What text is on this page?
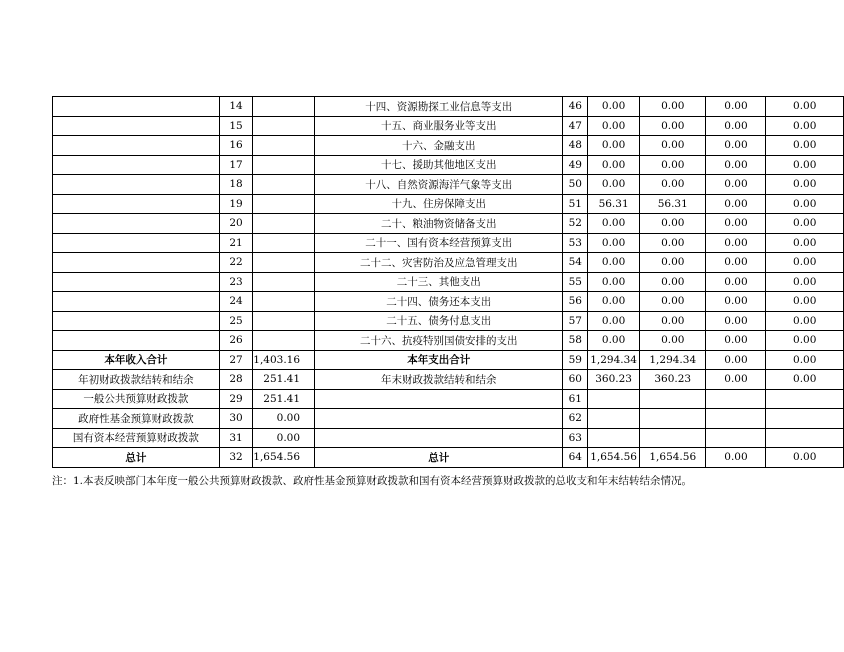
	14		十四、资源勘探工业信息等支出	46	0.00	0.00	0.00	0.00
	15		十五、商业服务业等支出	47	0.00	0.00	0.00	0.00
	16		十六、金融支出	48	0.00	0.00	0.00	0.00
	17		十七、援助其他地区支出	49	0.00	0.00	0.00	0.00
	18		十八、自然资源海洋气象等支出	50	0.00	0.00	0.00	0.00
	19		十九、住房保障支出	51	56.31	56.31	0.00	0.00
	20		二十、粮油物资储备支出	52	0.00	0.00	0.00	0.00
	21		二十一、国有资本经营预算支出	53	0.00	0.00	0.00	0.00
	22		二十二、灾害防治及应急管理支出	54	0.00	0.00	0.00	0.00
	23		二十三、其他支出	55	0.00	0.00	0.00	0.00
	24		二十四、债务还本支出	56	0.00	0.00	0.00	0.00
	25		二十五、债务付息支出	57	0.00	0.00	0.00	0.00
	26		二十六、抗疫特别国债安排的支出	58	0.00	0.00	0.00	0.00
本年收入合计	27	1,403.16	本年支出合计	59	1,294.34	1,294.34	0.00	0.00
年初财政拨款结转和结余	28	251.41	年末财政拨款结转和结余	60	360.23	360.23	0.00	0.00
一般公共预算财政拨款	29	251.41		61				
政府性基金预算财政拨款	30	0.00		62				
国有资本经营预算财政拨款	31	0.00		63				
总计	32	1,654.56	总计	64	1,654.56	1,654.56	0.00	0.00
注：1.本表反映部门本年度一般公共预算财政拨款、政府性基金预算财政拨款和国有资本经营预算财政拨款的总收支和年末结转结余情况。
